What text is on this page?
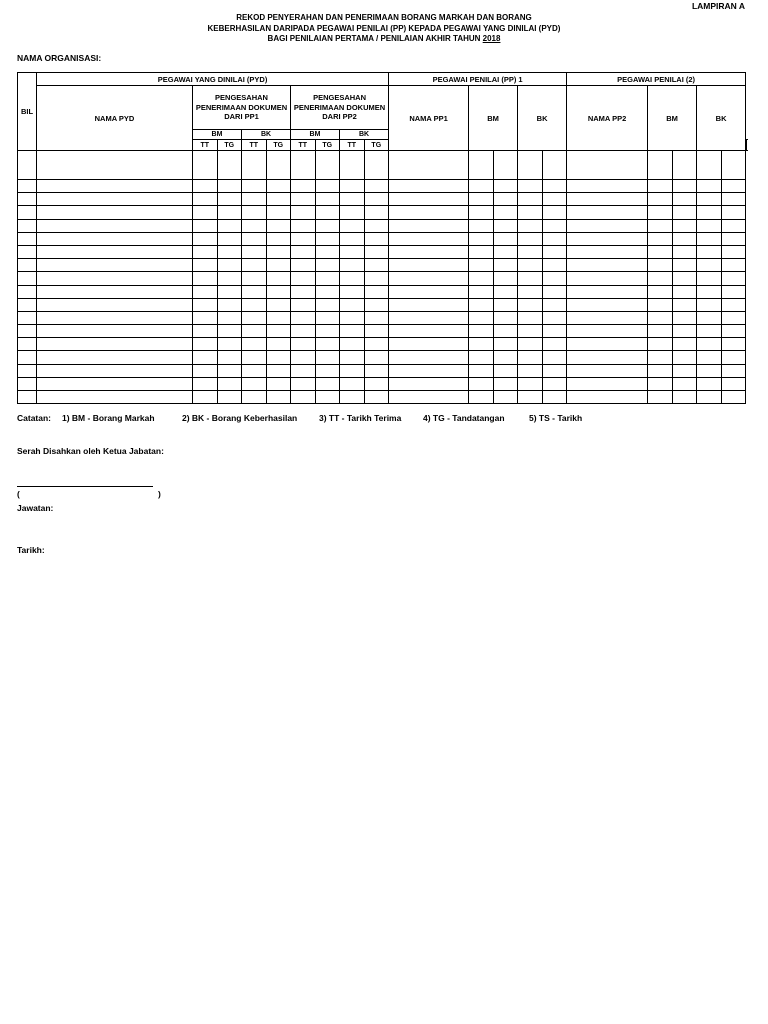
LAMPIRAN A
REKOD PENYERAHAN DAN PENERIMAAN BORANG MARKAH DAN BORANG
KEBERHASILAN DARIPADA PEGAWAI PENILAI (PP) KEPADA PEGAWAI YANG DINILAI (PYD)
BAGI PENILAIAN PERTAMA / PENILAIAN AKHIR TAHUN 2018
NAMA ORGANISASI:
BIL	PEGAWAI YANG DINILAI (PYD)									PEGAWAI PENILAI (PP) 1					PEGAWAI PENILAI (2)					
	NAMA PYD	PENGESAHAN PENERIMAAN DOKUMEN DARI PP1				PENGESAHAN PENERIMAAN DOKUMEN DARI PP2				NAMA PP1	BM		BK		NAMA PP2	BM		BK		
		BM		BK		BM		BK												
		TT	TG	TT	TG	TT	TG	TT	TG								

Catatan: 1) BM - Borang Markah	2) BK - Borang Keberhasilan	3) TT - Tarikh Terima	4) TG - Tandatangan	5) TS - Tarikh
Serah Disahkan oleh Ketua Jabatan:
(	)
Jawatan:
Tarikh:
